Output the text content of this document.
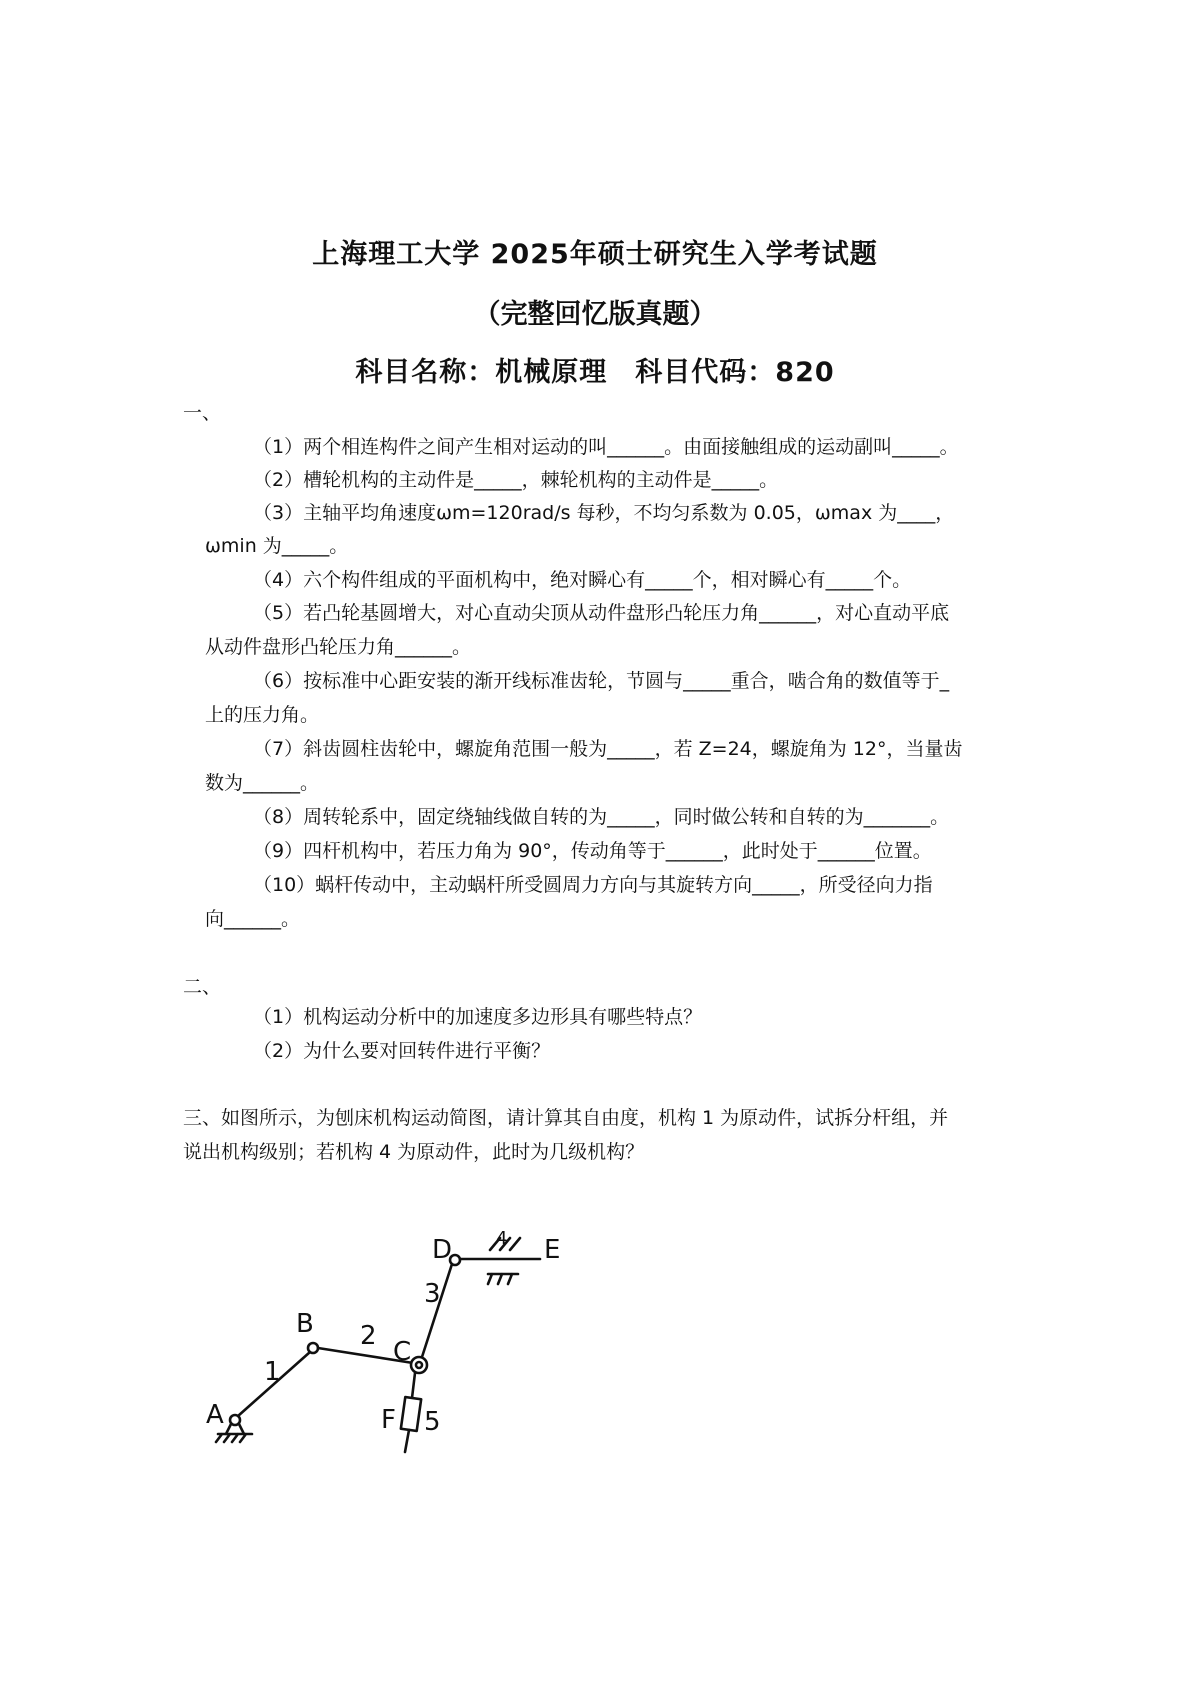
上海理工大学 2025年硕士研究生入学考试题
（完整回忆版真题）
科目名称：机械原理　科目代码：820
一、
（1）两个相连构件之间产生相对运动的叫______。由面接触组成的运动副叫_____。
（2）槽轮机构的主动件是_____，棘轮机构的主动件是_____。
（3）主轴平均角速度ωm=120rad/s 每秒，不均匀系数为 0.05，ωmax 为____，
ωmin 为_____。
（4）六个构件组成的平面机构中，绝对瞬心有_____个，相对瞬心有_____个。
（5）若凸轮基圆增大，对心直动尖顶从动件盘形凸轮压力角______，对心直动平底
从动件盘形凸轮压力角______。
（6）按标准中心距安装的渐开线标准齿轮，节圆与_____重合，啮合角的数值等于_
上的压力角。
（7）斜齿圆柱齿轮中，螺旋角范围一般为_____，若 Z=24，螺旋角为 12°，当量齿
数为______。
（8）周转轮系中，固定绕轴线做自转的为_____，同时做公转和自转的为_______。
（9）四杆机构中，若压力角为 90°，传动角等于______，此时处于______位置。
（10）蜗杆传动中，主动蜗杆所受圆周力方向与其旋转方向_____，所受径向力指
向______。
二、
（1）机构运动分析中的加速度多边形具有哪些特点？
（2）为什么要对回转件进行平衡？
三、如图所示，为刨床机构运动简图，请计算其自由度，机构 1 为原动件，试拆分杆组，并
说出机构级别；若机构 4 为原动件，此时为几级机构？
A
B
C
D	E
F
1
2
3
4
5
